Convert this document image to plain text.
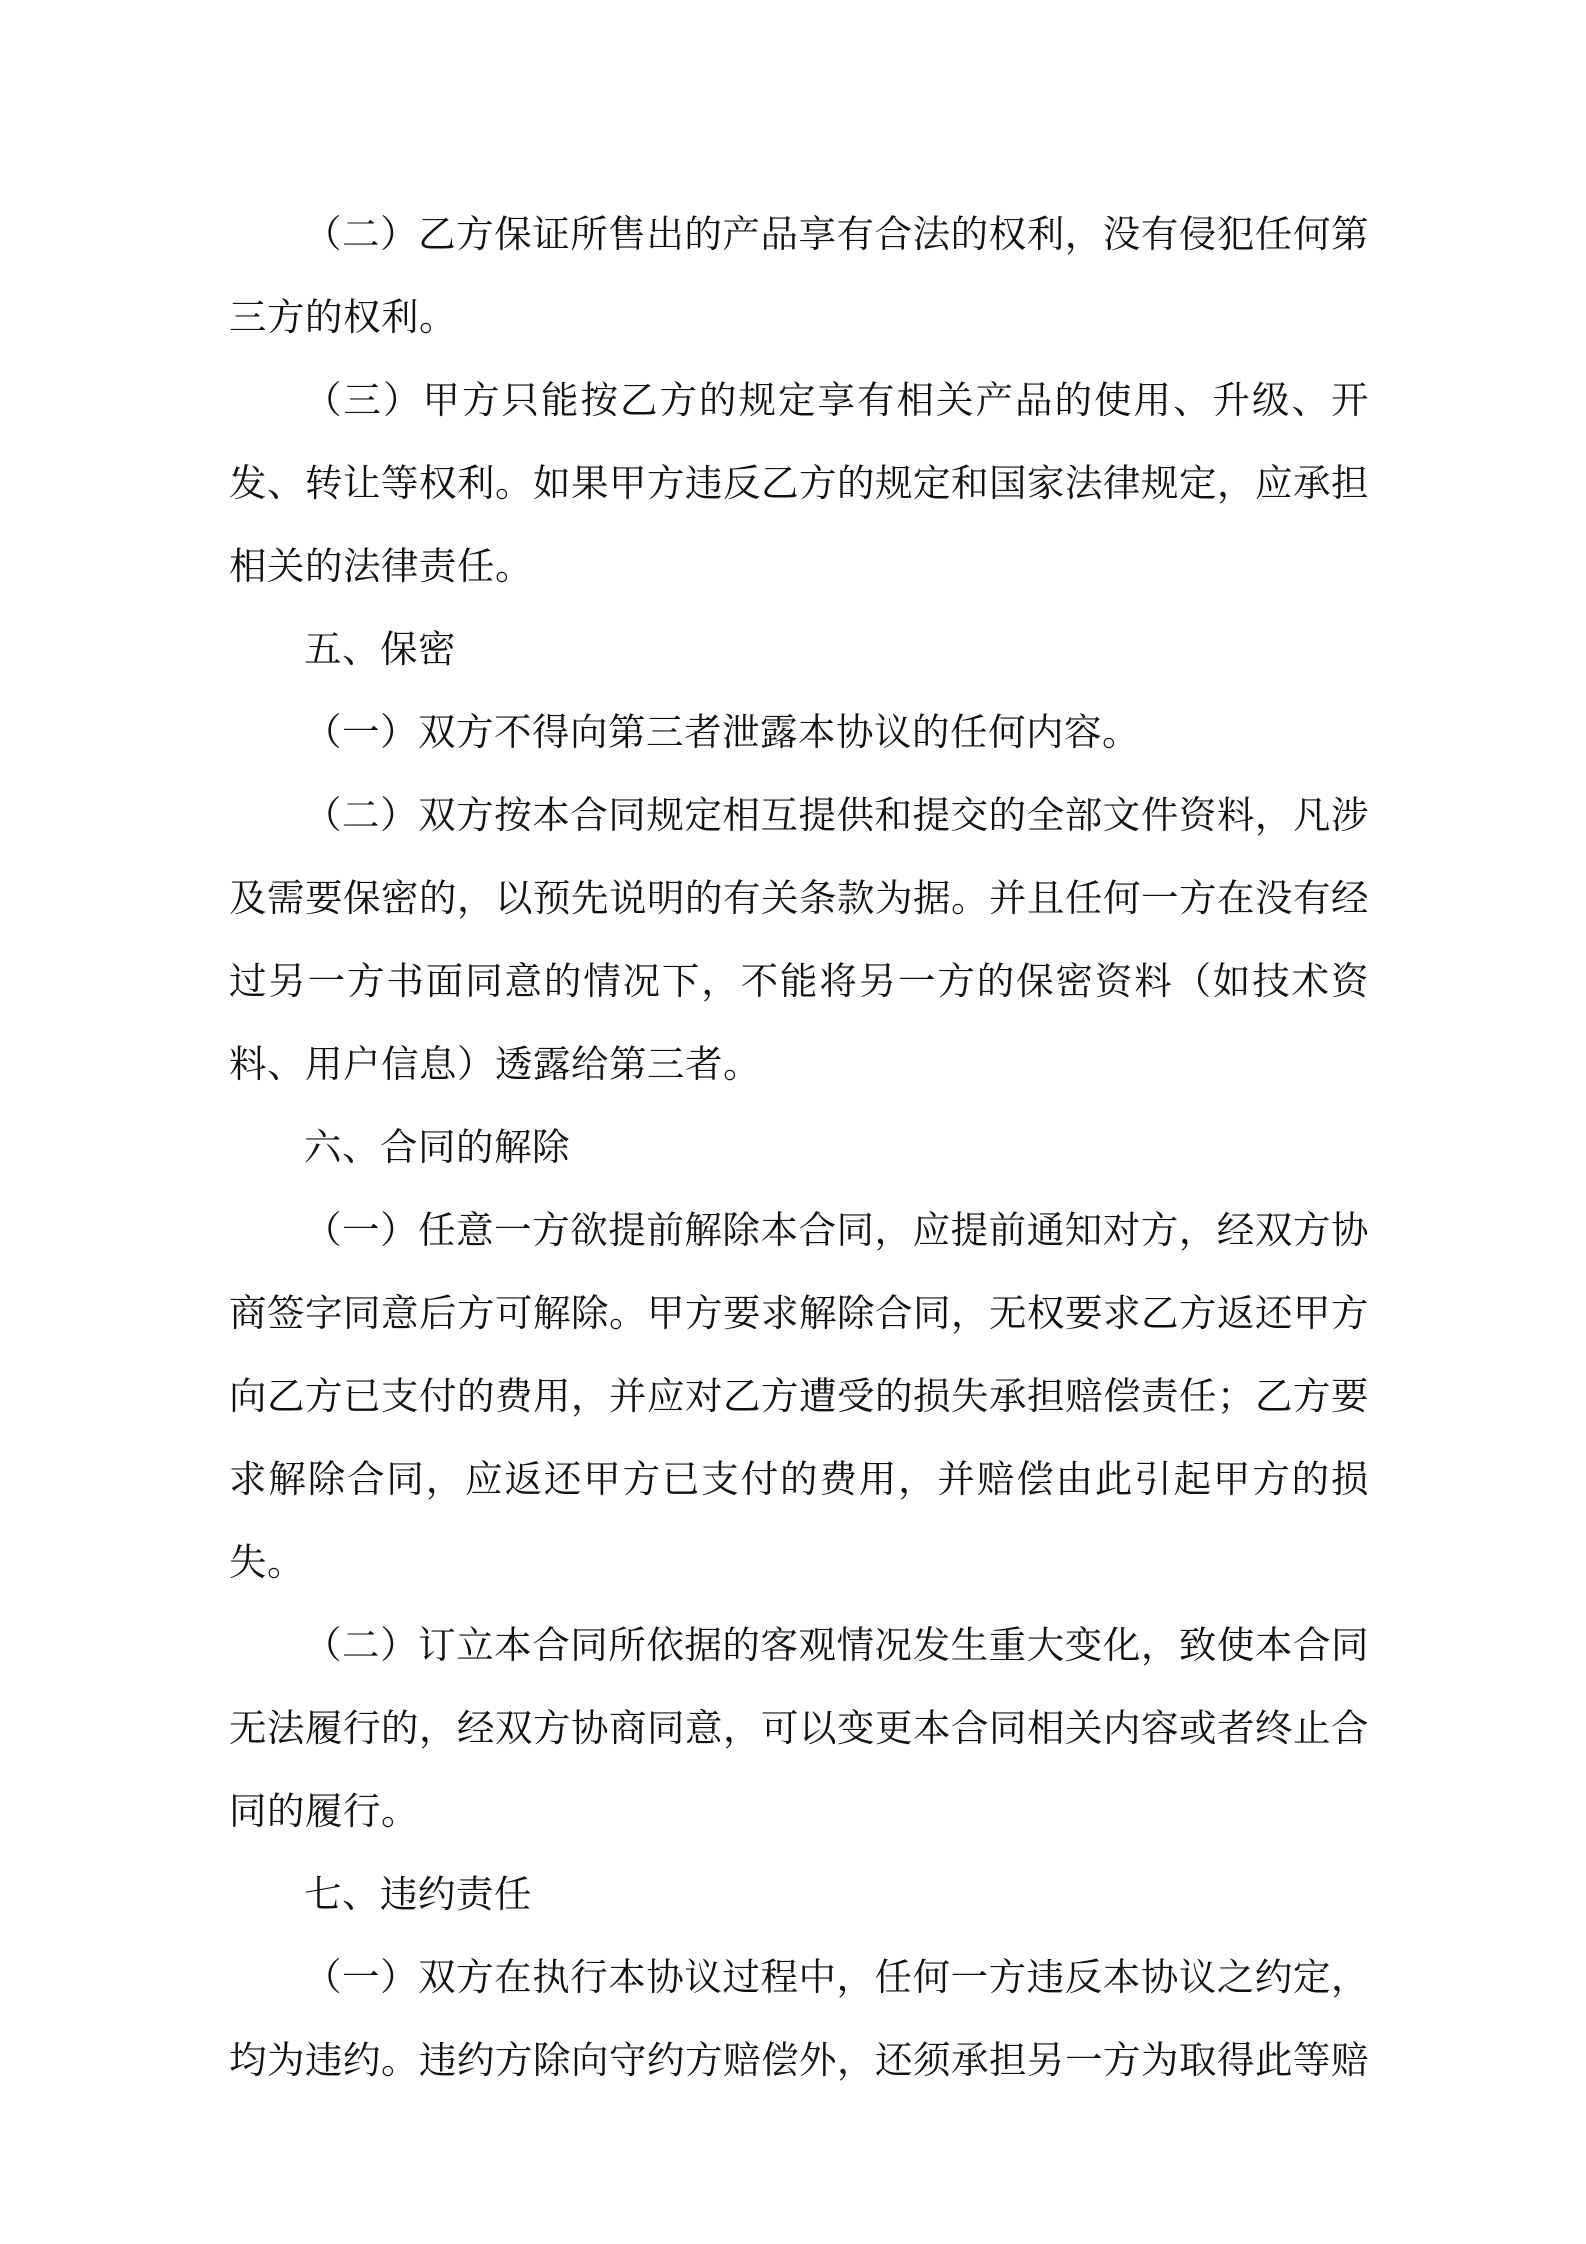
（二）乙方保证所售出的产品享有合法的权利，没有侵犯任何第三方的权利。

（三）甲方只能按乙方的规定享有相关产品的使用、升级、开发、转让等权利。如果甲方违反乙方的规定和国家法律规定，应承担相关的法律责任。

五、保密

（一）双方不得向第三者泄露本协议的任何内容。

（二）双方按本合同规定相互提供和提交的全部文件资料，凡涉及需要保密的，以预先说明的有关条款为据。并且任何一方在没有经过另一方书面同意的情况下，不能将另一方的保密资料（如技术资料、用户信息）透露给第三者。

六、合同的解除

（一）任意一方欲提前解除本合同，应提前通知对方，经双方协商签字同意后方可解除。甲方要求解除合同，无权要求乙方返还甲方向乙方已支付的费用，并应对乙方遭受的损失承担赔偿责任；乙方要求解除合同，应返还甲方已支付的费用，并赔偿由此引起甲方的损失。

（二）订立本合同所依据的客观情况发生重大变化，致使本合同无法履行的，经双方协商同意，可以变更本合同相关内容或者终止合同的履行。

七、违约责任

（一）双方在执行本协议过程中，任何一方违反本协议之约定，均为违约。违约方除向守约方赔偿外，还须承担另一方为取得此等赔
